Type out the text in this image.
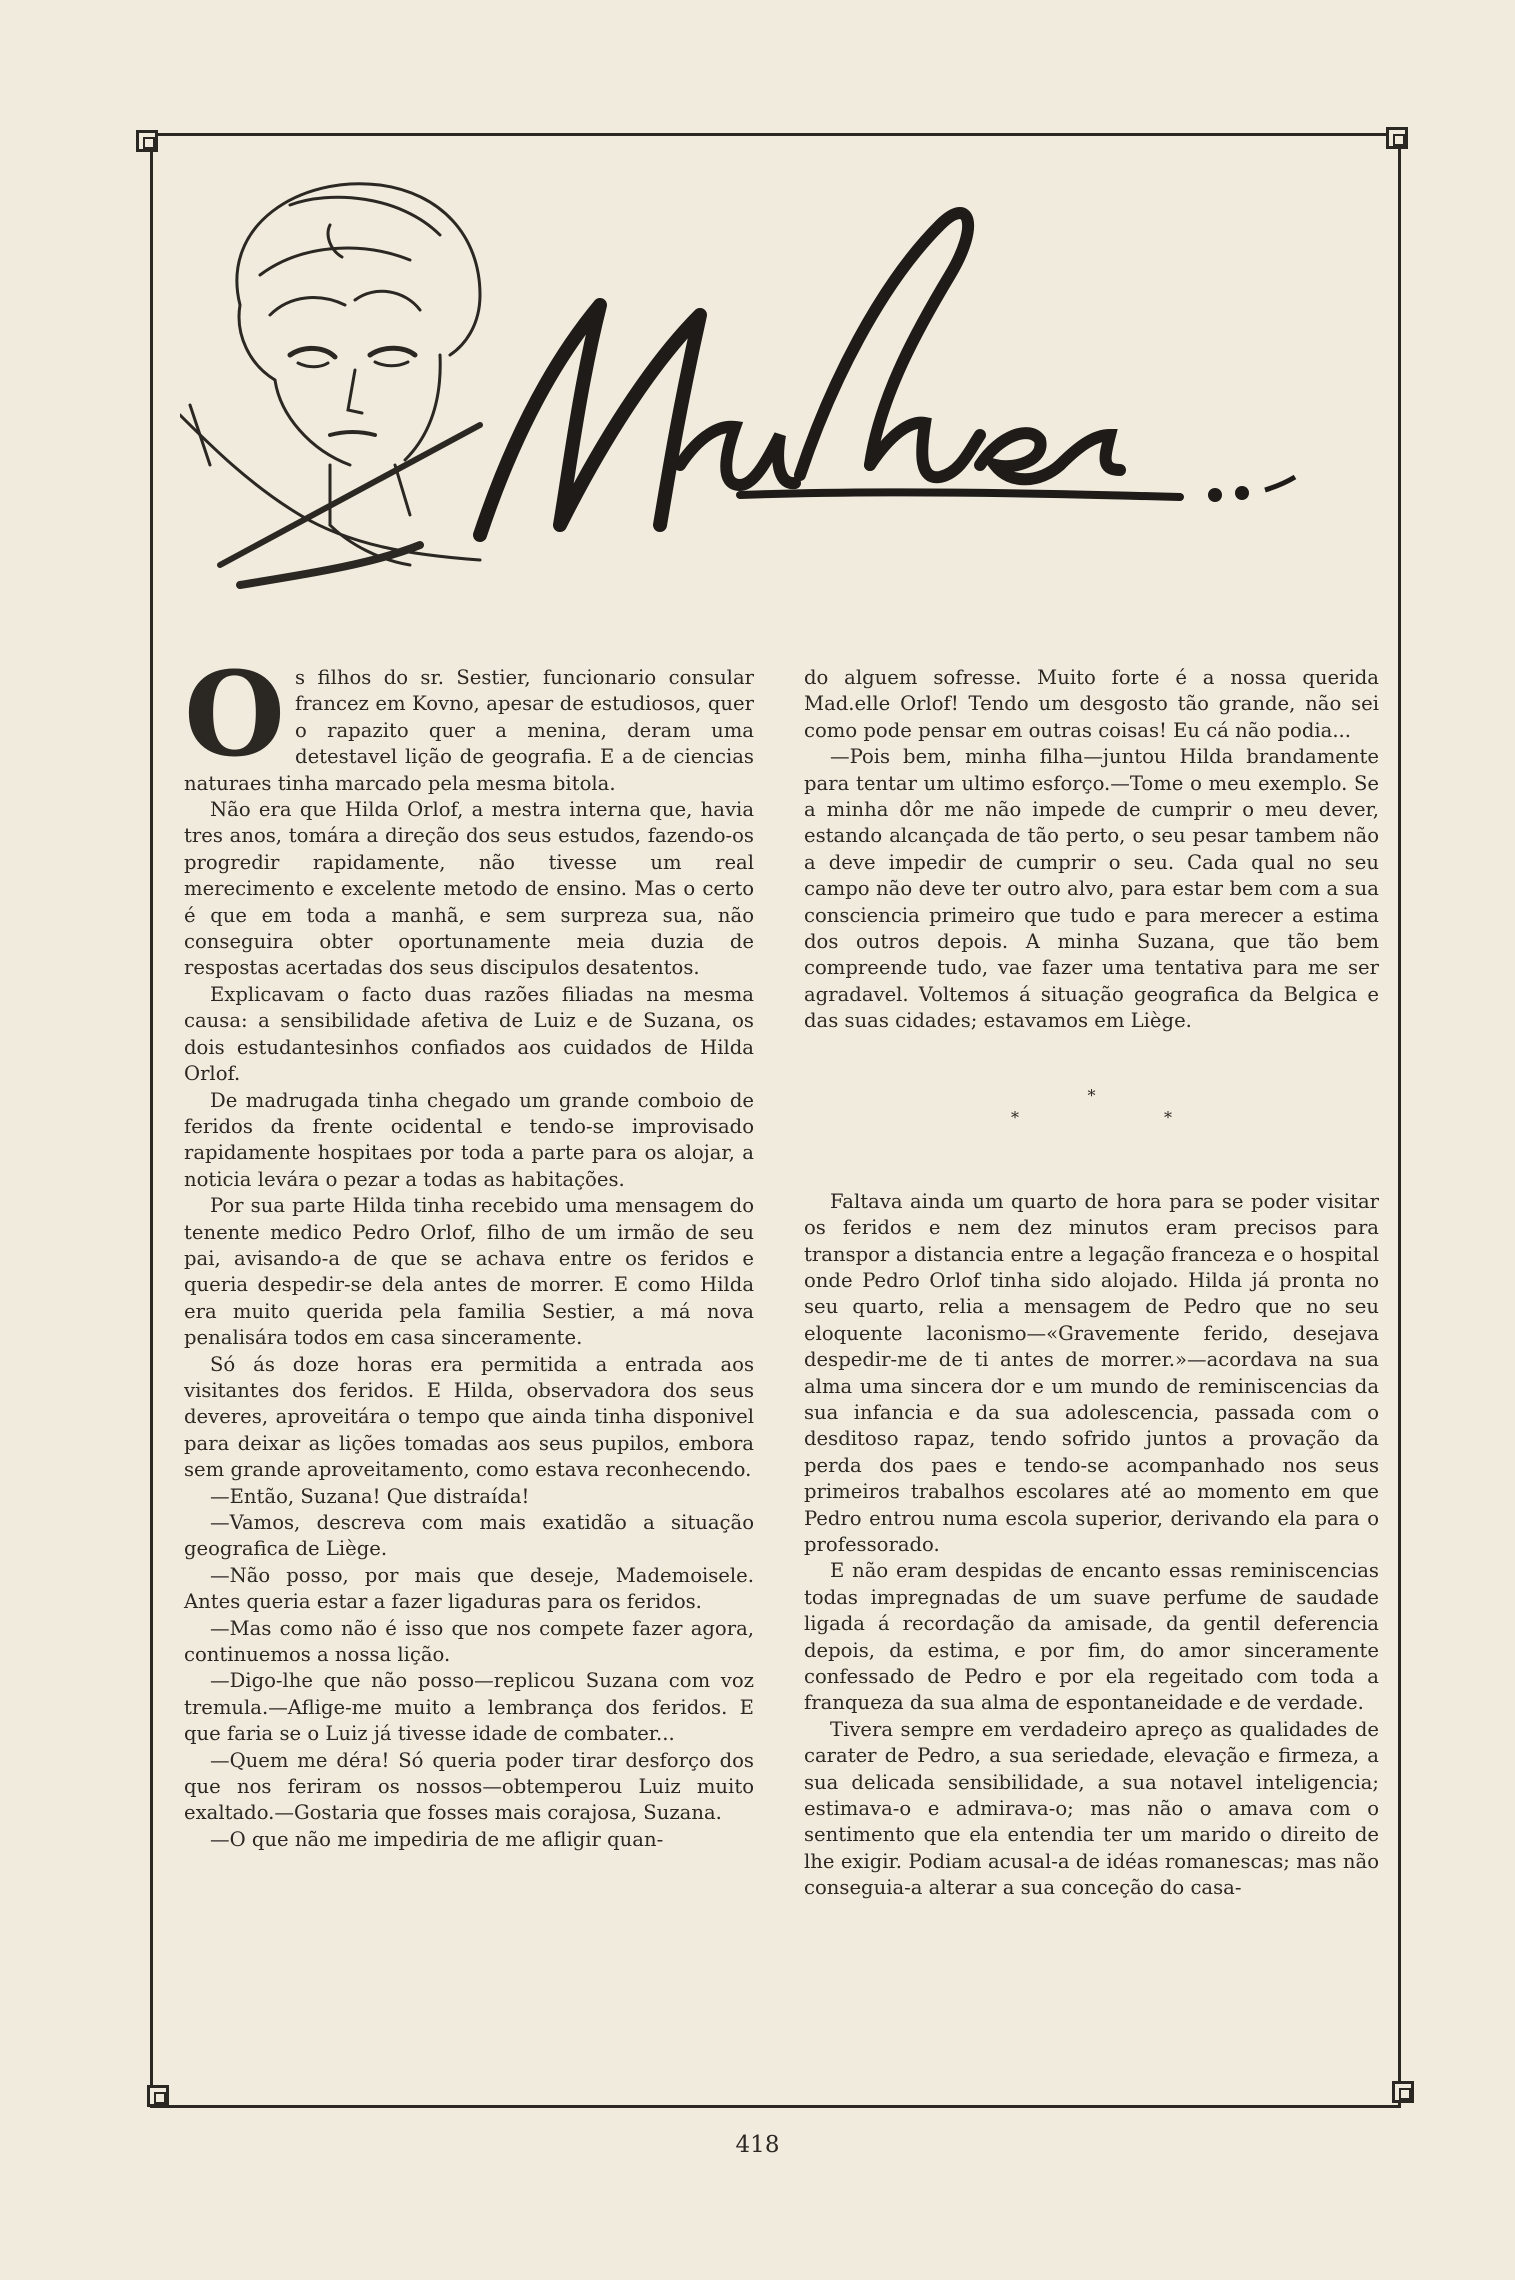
Mulher...

Os filhos do sr. Sestier, funcionario consular francez em Kovno, apesar de estudiosos, quer o rapazito quer a menina, deram uma detestavel lição de geografia. E a de ciencias naturaes tinha marcado pela mesma bitola.

Não era que Hilda Orlof, a mestra interna que, havia tres anos, tomára a direção dos seus estudos, fazendo-os progredir rapidamente, não tivesse um real merecimento e excelente metodo de ensino. Mas o certo é que em toda a manhã, e sem surpreza sua, não conseguira obter oportunamente meia duzia de respostas acertadas dos seus discipulos desatentos.

Explicavam o facto duas razões filiadas na mesma causa: a sensibilidade afetiva de Luiz e de Suzana, os dois estudantesinhos confiados aos cuidados de Hilda Orlof.

De madrugada tinha chegado um grande comboio de feridos da frente ocidental e tendo-se improvisado rapidamente hospitaes por toda a parte para os alojar, a noticia levára o pezar a todas as habitações.

Por sua parte Hilda tinha recebido uma mensagem do tenente medico Pedro Orlof, filho de um irmão de seu pai, avisando-a de que se achava entre os feridos e queria despedir-se dela antes de morrer. E como Hilda era muito querida pela familia Sestier, a má nova penalisára todos em casa sinceramente.

Só ás doze horas era permitida a entrada aos visitantes dos feridos. E Hilda, observadora dos seus deveres, aproveitára o tempo que ainda tinha disponivel para deixar as lições tomadas aos seus pupilos, embora sem grande aproveitamento, como estava reconhecendo.

—Então, Suzana! Que distraída!

—Vamos, descreva com mais exatidão a situação geografica de Liège.

—Não posso, por mais que deseje, Mademoisele. Antes queria estar a fazer ligaduras para os feridos.

—Mas como não é isso que nos compete fazer agora, continuemos a nossa lição.

—Digo-lhe que não posso—replicou Suzana com voz tremula.—Aflige-me muito a lembrança dos feridos. E que faria se o Luiz já tivesse idade de combater...

—Quem me déra! Só queria poder tirar desforço dos que nos feriram os nossos—obtemperou Luiz muito exaltado.—Gostaria que fosses mais corajosa, Suzana.

—O que não me impediria de me afligir quan-

do alguem sofresse. Muito forte é a nossa querida Mad.elle Orlof! Tendo um desgosto tão grande, não sei como pode pensar em outras coisas! Eu cá não podia...

—Pois bem, minha filha—juntou Hilda brandamente para tentar um ultimo esforço.—Tome o meu exemplo. Se a minha dôr me não impede de cumprir o meu dever, estando alcançada de tão perto, o seu pesar tambem não a deve impedir de cumprir o seu. Cada qual no seu campo não deve ter outro alvo, para estar bem com a sua consciencia primeiro que tudo e para merecer a estima dos outros depois. A minha Suzana, que tão bem compreende tudo, vae fazer uma tentativa para me ser agradavel. Voltemos á situação geografica da Belgica e das suas cidades; estavamos em Liège.

*
* *

Faltava ainda um quarto de hora para se poder visitar os feridos e nem dez minutos eram precisos para transpor a distancia entre a legação franceza e o hospital onde Pedro Orlof tinha sido alojado. Hilda já pronta no seu quarto, relia a mensagem de Pedro que no seu eloquente laconismo—«Gravemente ferido, desejava despedir-me de ti antes de morrer.»—acordava na sua alma uma sincera dor e um mundo de reminiscencias da sua infancia e da sua adolescencia, passada com o desditoso rapaz, tendo sofrido juntos a provação da perda dos paes e tendo-se acompanhado nos seus primeiros trabalhos escolares até ao momento em que Pedro entrou numa escola superior, derivando ela para o professorado.

E não eram despidas de encanto essas reminiscencias todas impregnadas de um suave perfume de saudade ligada á recordação da amisade, da gentil deferencia depois, da estima, e por fim, do amor sinceramente confessado de Pedro e por ela regeitado com toda a franqueza da sua alma de espontaneidade e de verdade.

Tivera sempre em verdadeiro apreço as qualidades de carater de Pedro, a sua seriedade, elevação e firmeza, a sua delicada sensibilidade, a sua notavel inteligencia; estimava-o e admirava-o; mas não o amava com o sentimento que ela entendia ter um marido o direito de lhe exigir. Podiam acusal-a de idéas romanescas; mas não conseguia-a alterar a sua conceção do casa-

418
